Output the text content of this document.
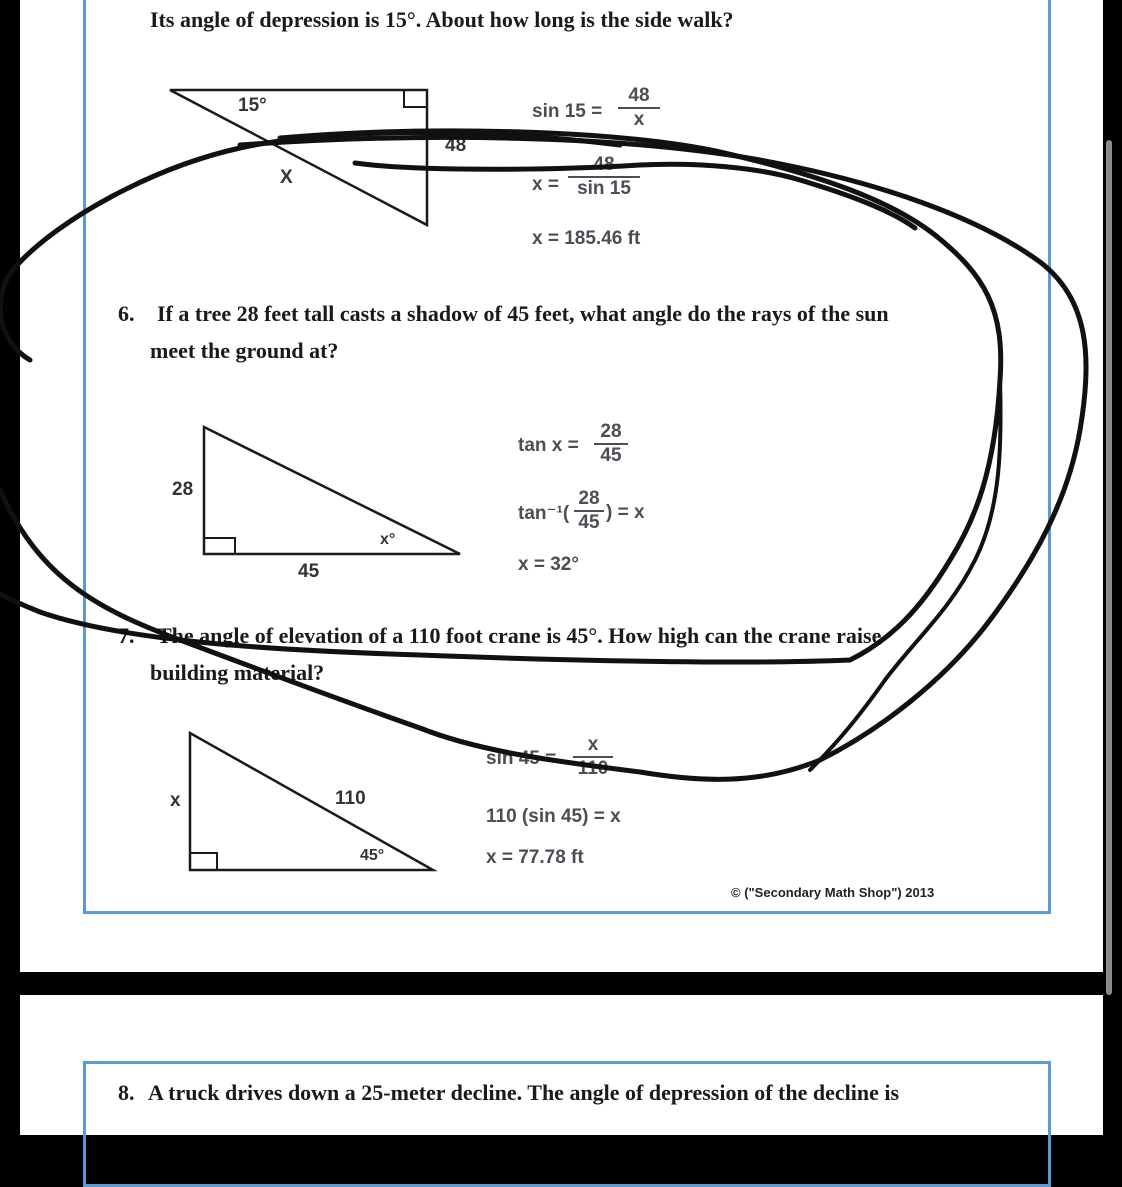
Its angle of depression is 15°. About how long is the side walk?
15°
48
X
sin 15 =
48
x
x =
48
sin 15
x = 185.46 ft
6. If a tree 28 feet tall casts a shadow of 45 feet, what angle do the rays of the sun
meet the ground at?
28
45
x°
tan x =
28
45
tan⁻¹(
28
45 ) = x
x = 32°
7. The angle of elevation of a 110 foot crane is 45°. How high can the crane raise
building material?
x	110
45°
sin 45 =
x
110
110 (sin 45) = x
x = 77.78 ft
© ("Secondary Math Shop") 2013
8. A truck drives down a 25-meter decline. The angle of depression of the decline is
